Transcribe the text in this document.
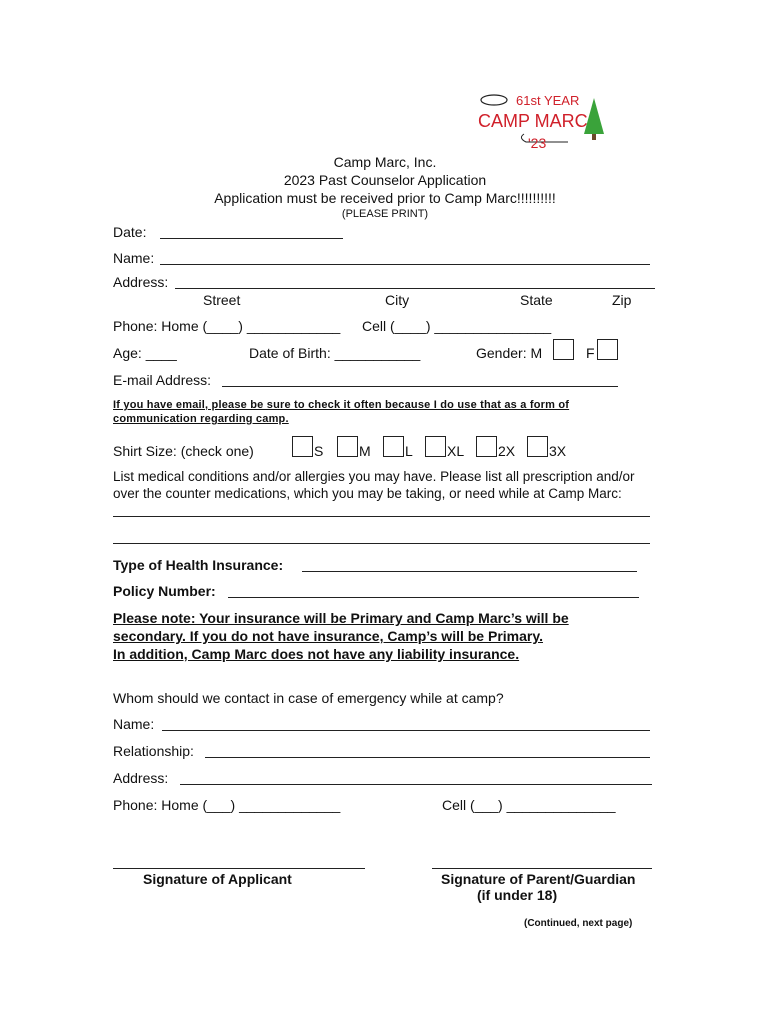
61st YEAR
CAMP MARC
'23
Camp Marc, Inc.
2023 Past Counselor Application
Application must be received prior to Camp Marc!!!!!!!!!!
(PLEASE PRINT)
Date:
Name:
Address:
Street	City	State	Zip
Phone: Home (____) ____________ Cell (____) _______________
Age: ____	Date of Birth: ___________	Gender: M	F
E-mail Address:
If you have email, please be sure to check it often because I do use that as a form of
communication regarding camp.
Shirt Size: (check one)	S	M L XL 2X 3X
List medical conditions and/or allergies you may have. Please list all prescription and/or
over the counter medications, which you may be taking, or need while at Camp Marc:
Type of Health Insurance:
Policy Number:
Please note: Your insurance will be Primary and Camp Marc’s will be
secondary. If you do not have insurance, Camp’s will be Primary.
In addition, Camp Marc does not have any liability insurance.
Whom should we contact in case of emergency while at camp?
Name:
Relationship:
Address:
Phone: Home (___) _____________	Cell (___) ______________
Signature of Applicant	Signature of Parent/Guardian
(if under 18)
(Continued, next page)
